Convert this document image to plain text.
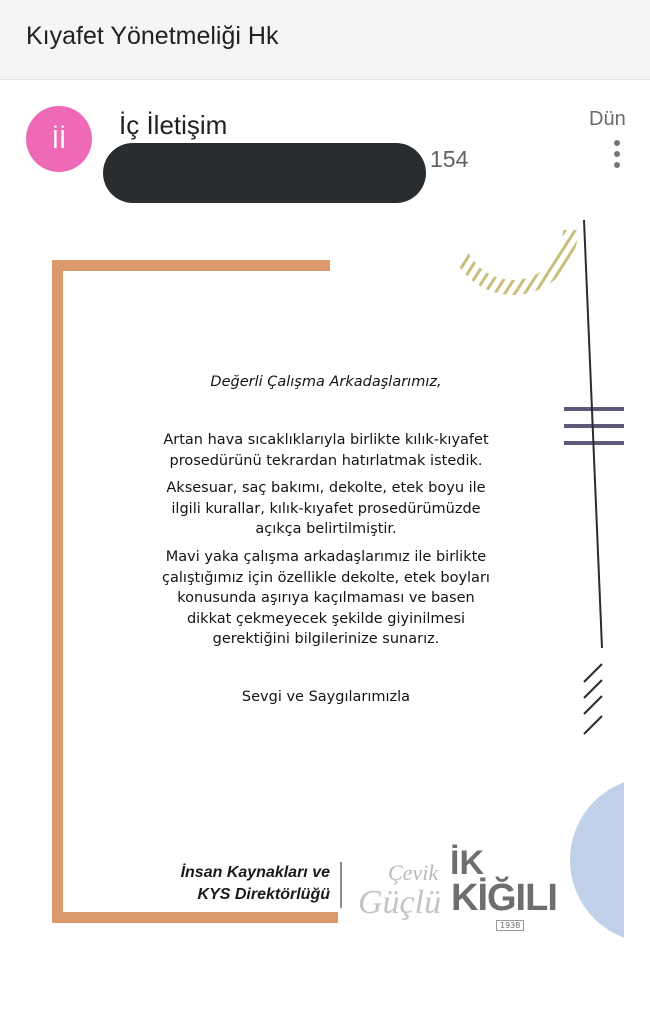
Kıyafet Yönetmeliği Hk
İİ	İç İletişim
154
Dün

Değerli Çalışma Arkadaşlarımız,

Artan hava sıcaklıklarıyla birlikte kılık-kıyafet prosedürünü tekrardan hatırlatmak istedik.

Aksesuar, saç bakımı, dekolte, etek boyu ile ilgili kurallar, kılık-kıyafet prosedürümüzde açıkça belirtilmiştir.

Mavi yaka çalışma arkadaşlarımız ile birlikte çalıştığımız için özellikle dekolte, etek boyları konusunda aşırıya kaçılmaması ve basen dikkat çekmeyecek şekilde giyinilmesi gerektiğini bilgilerinize sunarız.

Sevgi ve Saygılarımızla

İnsan Kaynakları ve
KYS Direktörlüğü
Çevik
Güçlü
İK
KİĞILI
1938
